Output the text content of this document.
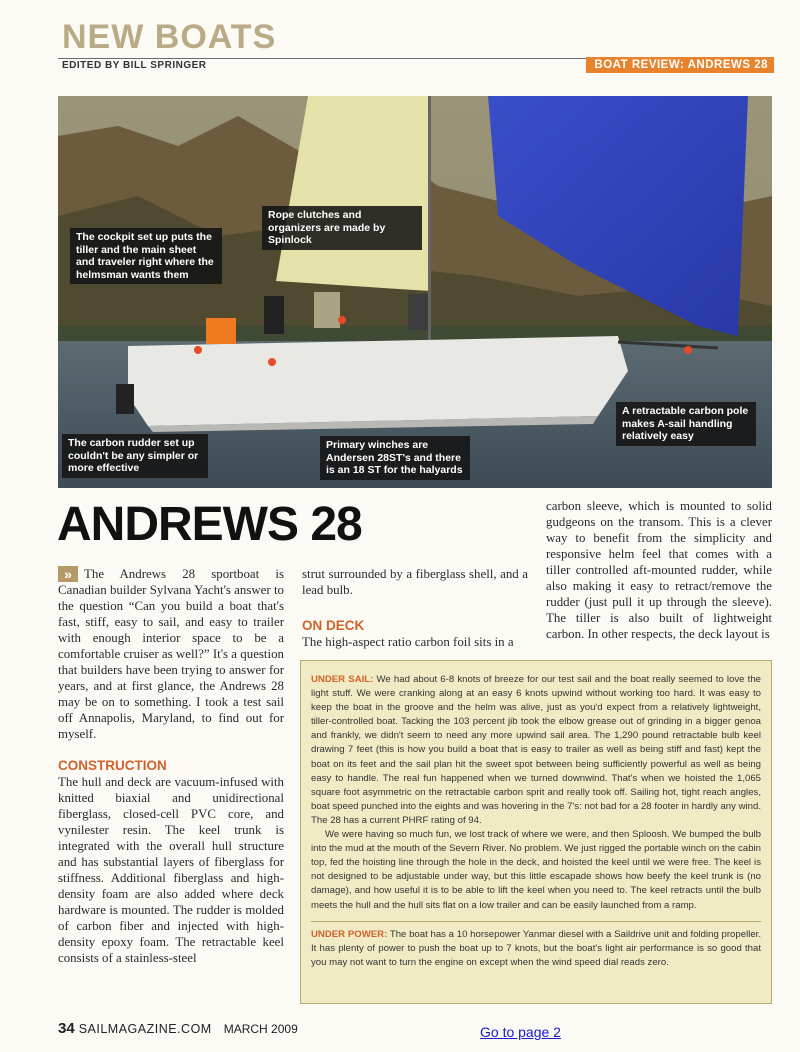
NEW BOATS
EDITED BY BILL SPRINGER	BOAT REVIEW: ANDREWS 28
The cockpit set up puts the tiller and the main sheet and traveler right where the helmsman wants them
Rope clutches and organizers are made by Spinlock
The carbon rudder set up couldn't be any simpler or more effective
Primary winches are Andersen 28ST's and there is an 18 ST for the halyards
A retractable carbon pole makes A-sail handling relatively easy
ANDREWS 28

» The Andrews 28 sportboat is Canadian builder Sylvana Yacht's answer to the question “Can you build a boat that's fast, stiff, easy to sail, and easy to trailer with enough interior space to be a comfortable cruiser as well?” It's a question that builders have been trying to answer for years, and at first glance, the Andrews 28 may be on to something. I took a test sail off Annapolis, Maryland, to find out for myself.

CONSTRUCTION

The hull and deck are vacuum-infused with knitted biaxial and unidirectional fiberglass, closed-cell PVC core, and vynilester resin. The keel trunk is integrated with the overall hull structure and has substantial layers of fiberglass for stiffness. Additional fiberglass and high-density foam are also added where deck hardware is mounted. The rudder is molded of carbon fiber and injected with high-density epoxy foam. The retractable keel consists of a stainless-steel

strut surrounded by a fiberglass shell, and a lead bulb.

ON DECK

The high-aspect ratio carbon foil sits in a

carbon sleeve, which is mounted to solid gudgeons on the transom. This is a clever way to benefit from the simplicity and responsive helm feel that comes with a tiller controlled aft-mounted rudder, while also making it easy to retract/remove the rudder (just pull it up through the sleeve). The tiller is also built of lightweight carbon. In other respects, the deck layout is

UNDER SAIL: We had about 6-8 knots of breeze for our test sail and the boat really seemed to love the light stuff. We were cranking along at an easy 6 knots upwind without working too hard. It was easy to keep the boat in the groove and the helm was alive, just as you'd expect from a relatively lightweight, tiller-controlled boat. Tacking the 103 percent jib took the elbow grease out of grinding in a bigger genoa and frankly, we didn't seem to need any more upwind sail area. The 1,290 pound retractable bulb keel drawing 7 feet (this is how you build a boat that is easy to trailer as well as being stiff and fast) kept the boat on its feet and the sail plan hit the sweet spot between being sufficiently powerful as well as being easy to handle. The real fun happened when we turned downwind. That's when we hoisted the 1,065 square foot asymmetric on the retractable carbon sprit and really took off. Sailing hot, tight reach angles, boat speed punched into the eights and was hovering in the 7's: not bad for a 28 footer in hardly any wind. The 28 has a current PHRF rating of 94.

We were having so much fun, we lost track of where we were, and then Sploosh. We bumped the bulb into the mud at the mouth of the Severn River. No problem. We just rigged the portable winch on the cabin top, fed the hoisting line through the hole in the deck, and hoisted the keel until we were free. The keel is not designed to be adjustable under way, but this little escapade shows how beefy the keel trunk is (no damage), and how useful it is to be able to lift the keel when you need to. The keel retracts until the bulb meets the hull and the hull sits flat on a low trailer and can be easily launched from a ramp.

UNDER POWER: The boat has a 10 horsepower Yanmar diesel with a Saildrive unit and folding propeller. It has plenty of power to push the boat up to 7 knots, but the boat's light air performance is so good that you may not want to turn the engine on except when the wind speed dial reads zero.

34 SAILMAGAZINE.COM MARCH 2009	Go to page 2
